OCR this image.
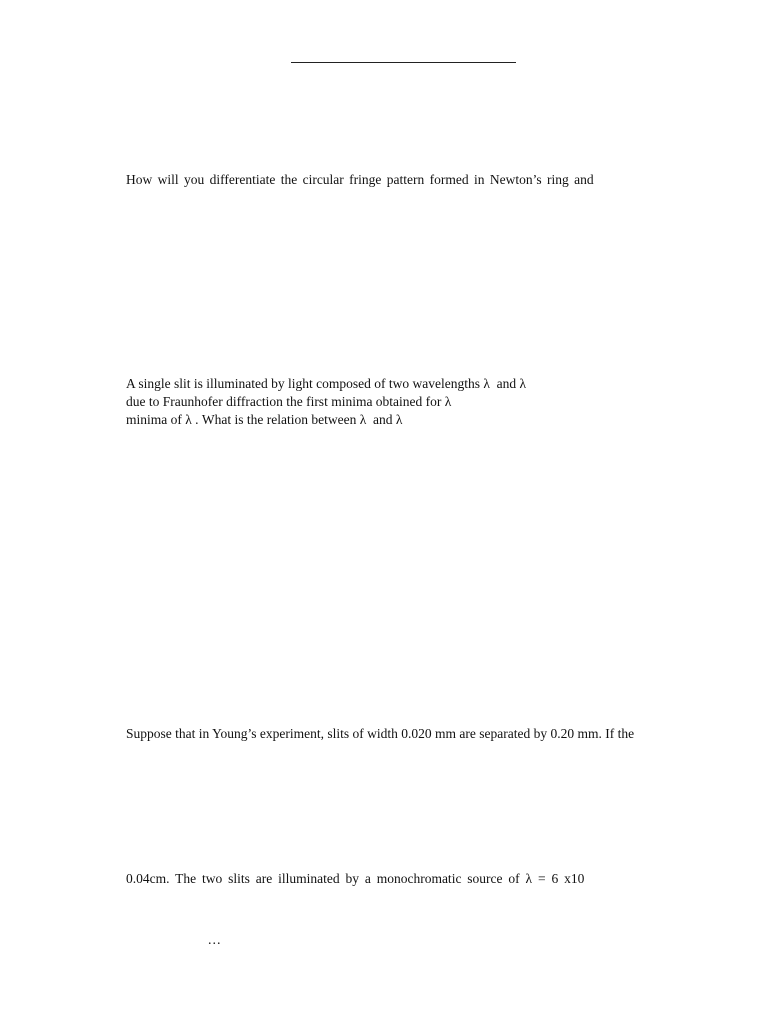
How will you differentiate the circular fringe pattern formed in Newton’s ring and
A single slit is illuminated by light composed of two wavelengths λ  and λ
due to Fraunhofer diffraction the first minima obtained for λ
minima of λ . What is the relation between λ  and λ
Suppose that in Young’s experiment, slits of width 0.020 mm are separated by 0.20 mm. If the
0.04cm. The two slits are illuminated by a monochromatic source of λ = 6 x10
...
